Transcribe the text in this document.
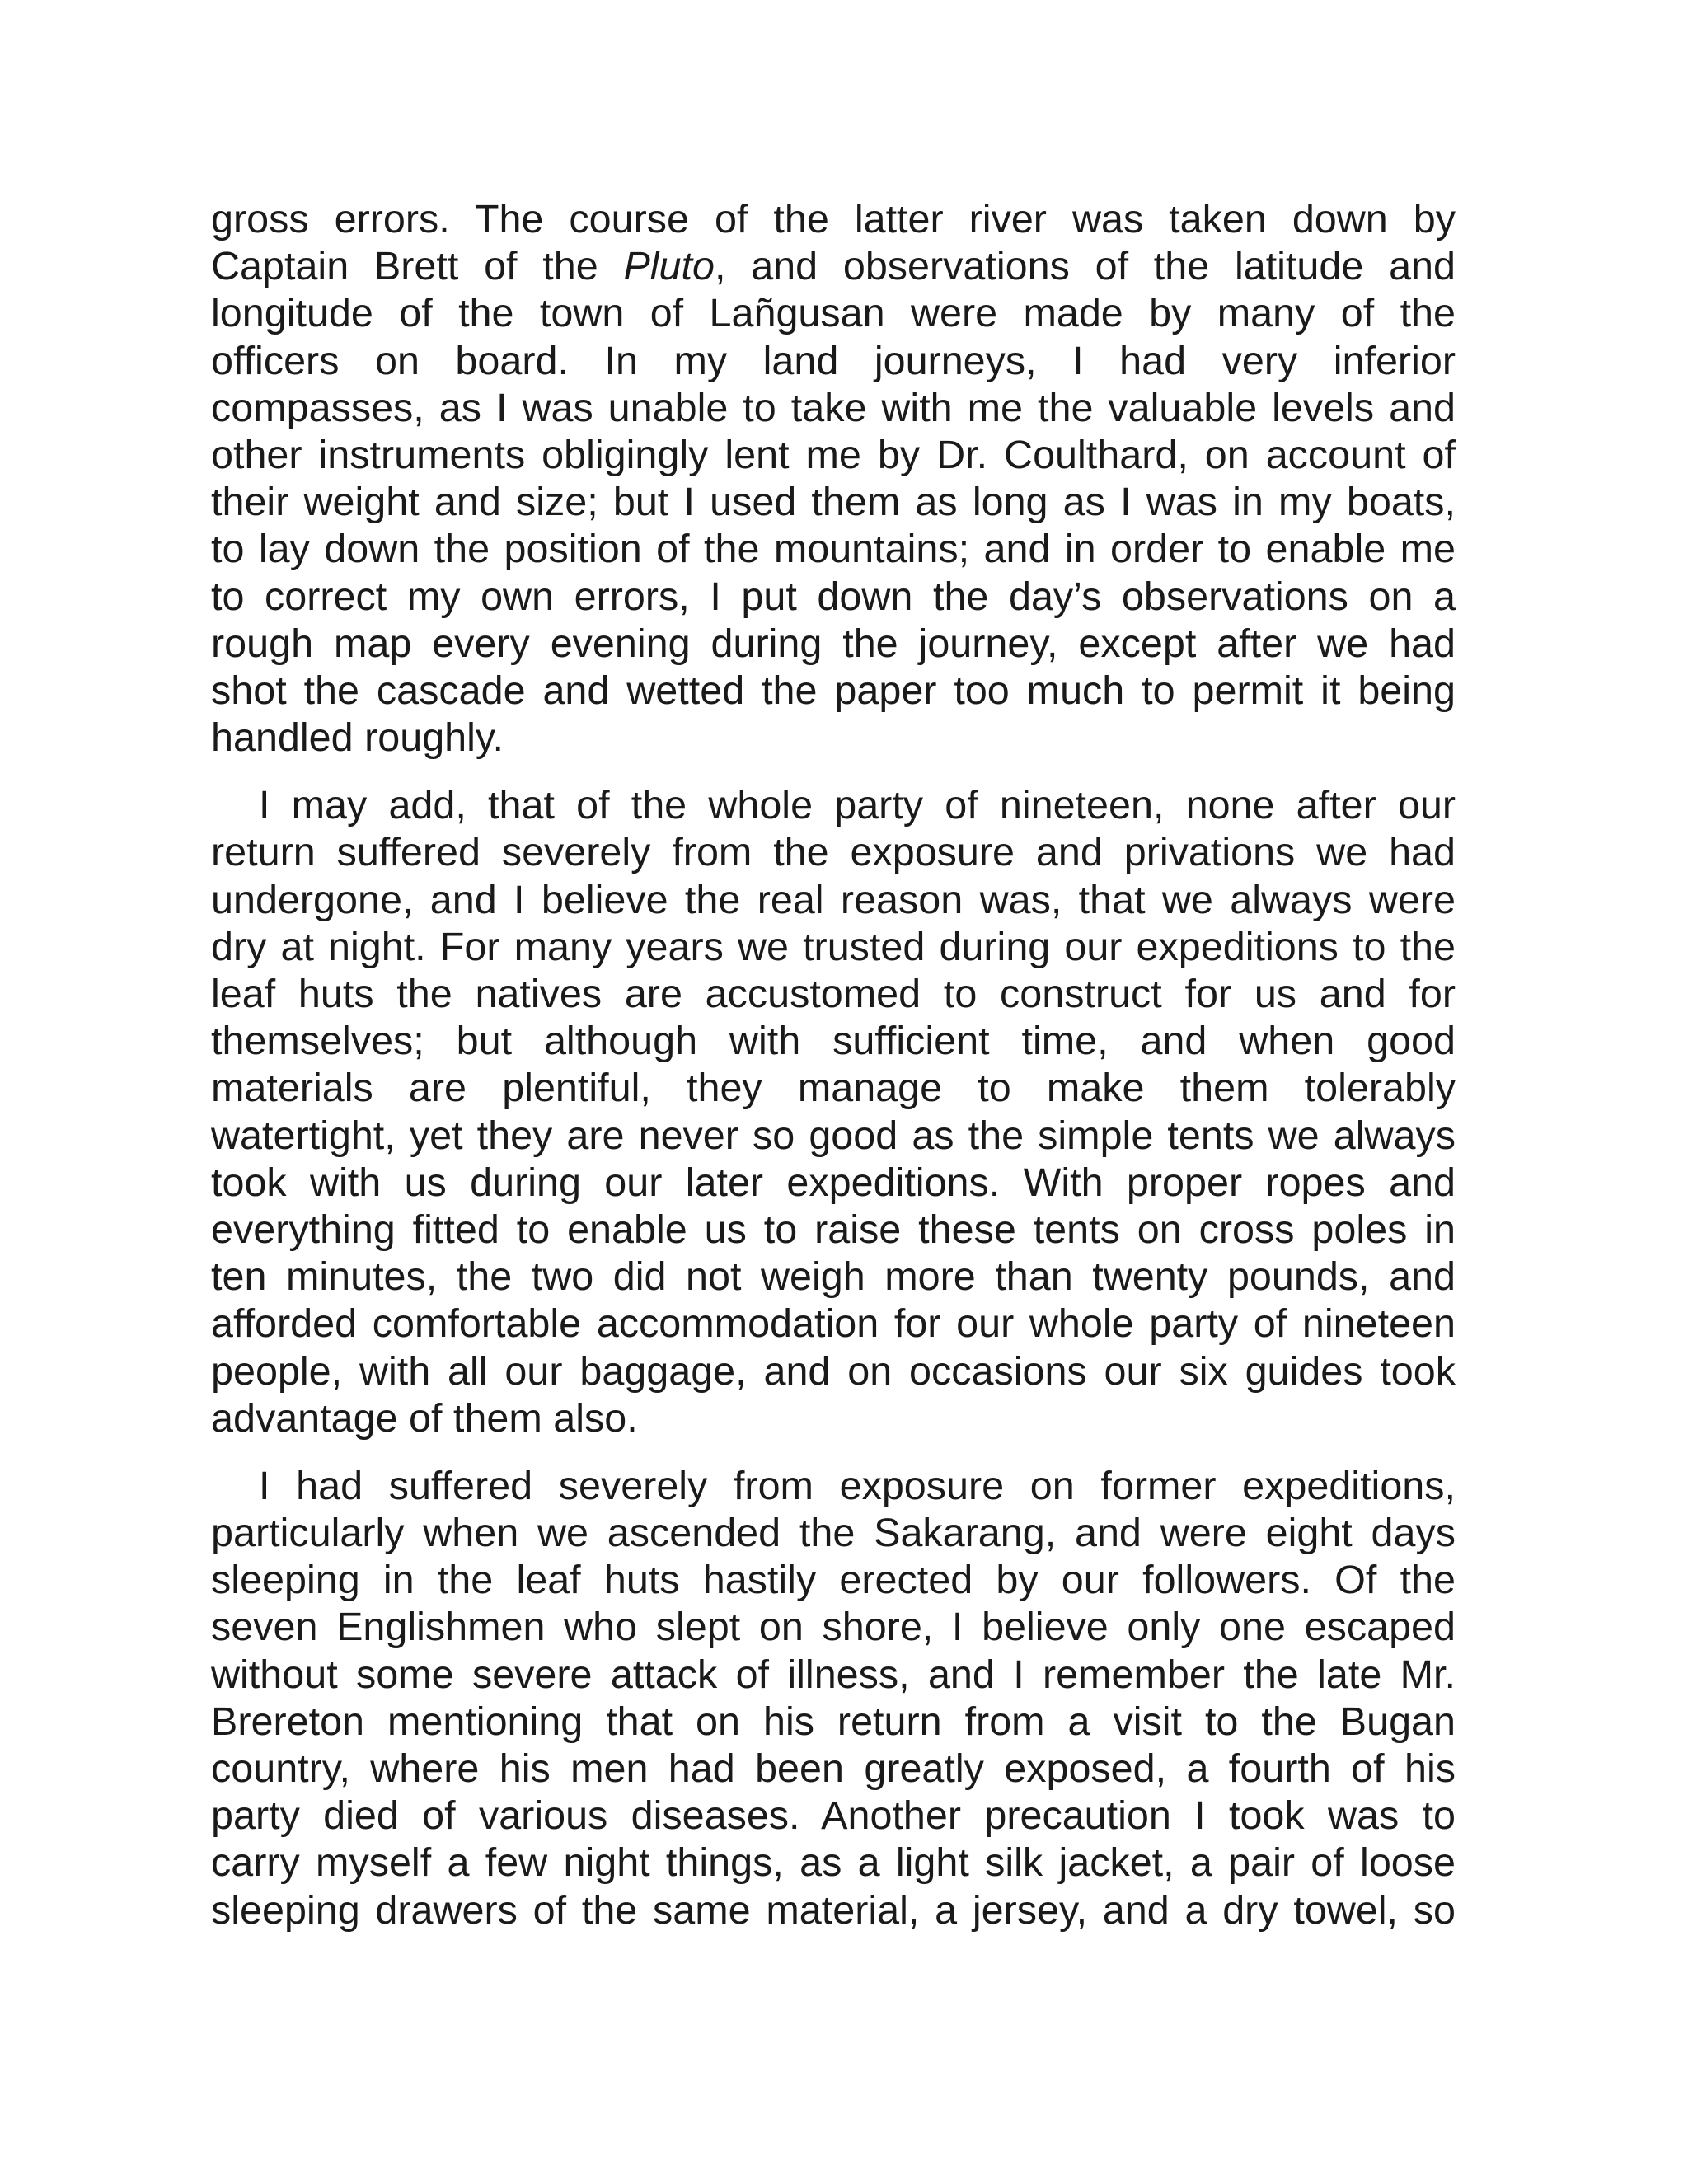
gross errors. The course of the latter river was taken down by
Captain Brett of the Pluto, and observations of the latitude and
longitude of the town of Lañgusan were made by many of the
officers on board. In my land journeys, I had very inferior
compasses, as I was unable to take with me the valuable levels and
other instruments obligingly lent me by Dr. Coulthard, on account of
their weight and size; but I used them as long as I was in my boats,
to lay down the position of the mountains; and in order to enable me
to correct my own errors, I put down the day’s observations on a
rough map every evening during the journey, except after we had
shot the cascade and wetted the paper too much to permit it being
handled roughly.
I may add, that of the whole party of nineteen, none after our
return suffered severely from the exposure and privations we had
undergone, and I believe the real reason was, that we always were
dry at night. For many years we trusted during our expeditions to the
leaf huts the natives are accustomed to construct for us and for
themselves; but although with sufficient time, and when good
materials are plentiful, they manage to make them tolerably
watertight, yet they are never so good as the simple tents we always
took with us during our later expeditions. With proper ropes and
everything fitted to enable us to raise these tents on cross poles in
ten minutes, the two did not weigh more than twenty pounds, and
afforded comfortable accommodation for our whole party of nineteen
people, with all our baggage, and on occasions our six guides took
advantage of them also.
I had suffered severely from exposure on former expeditions,
particularly when we ascended the Sakarang, and were eight days
sleeping in the leaf huts hastily erected by our followers. Of the
seven Englishmen who slept on shore, I believe only one escaped
without some severe attack of illness, and I remember the late Mr.
Brereton mentioning that on his return from a visit to the Bugan
country, where his men had been greatly exposed, a fourth of his
party died of various diseases. Another precaution I took was to
carry myself a few night things, as a light silk jacket, a pair of loose
sleeping drawers of the same material, a jersey, and a dry towel, so
